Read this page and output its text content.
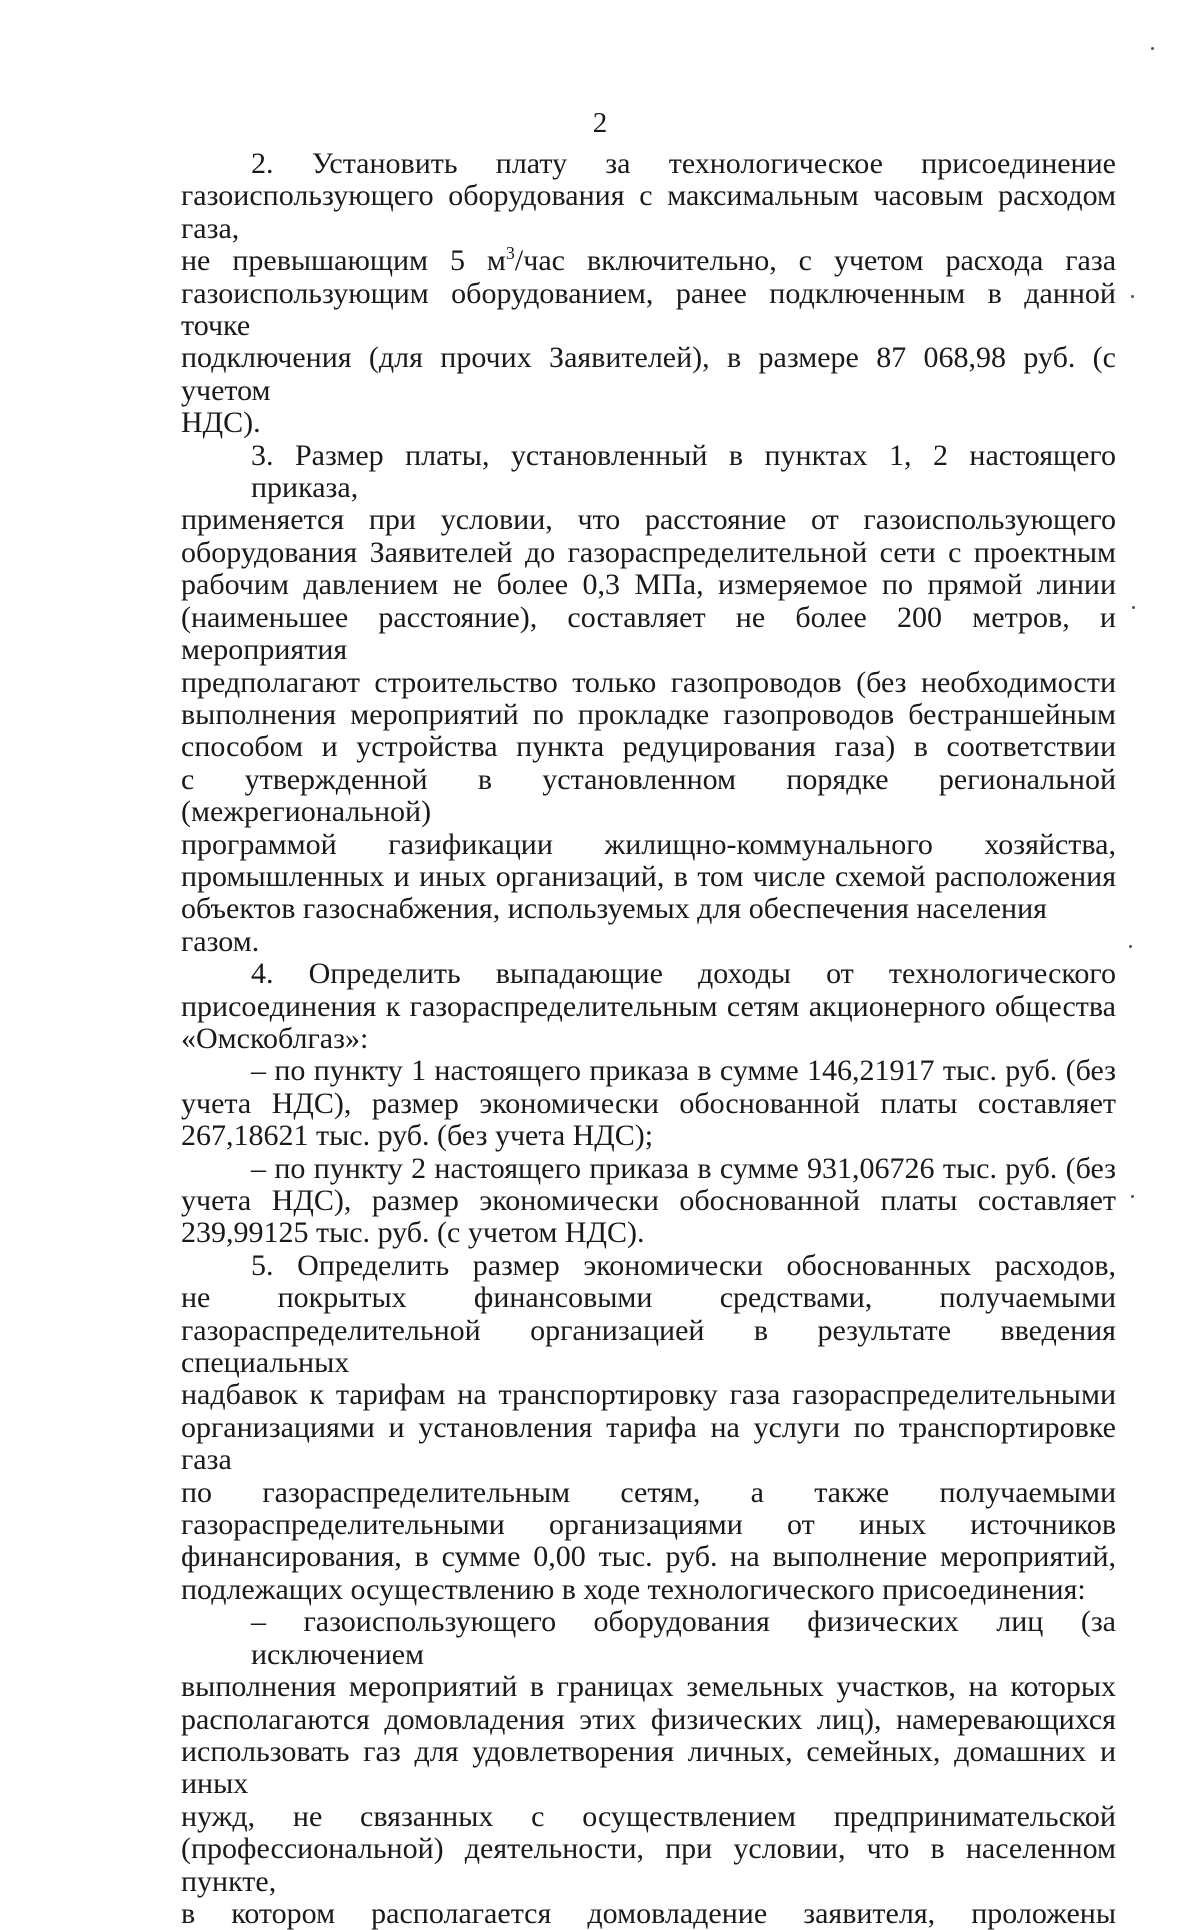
2
2. Установить плату за технологическое присоединение
газоиспользующего оборудования с максимальным часовым расходом газа,
не превышающим 5 $м^3$/час включительно, с учетом расхода газа
газоиспользующим оборудованием, ранее подключенным в данной точке
подключения (для прочих Заявителей), в размере 87 068,98 руб. (с учетом
НДС).
3. Размер платы, установленный в пунктах 1, 2 настоящего приказа,
применяется при условии, что расстояние от газоиспользующего
оборудования Заявителей до газораспределительной сети с проектным
рабочим давлением не более 0,3 МПа, измеряемое по прямой линии
(наименьшее расстояние), составляет не более 200 метров, и мероприятия
предполагают строительство только газопроводов (без необходимости
выполнения мероприятий по прокладке газопроводов бестраншейным
способом и устройства пункта редуцирования газа) в соответствии
с утвержденной в установленном порядке региональной (межрегиональной)
программой газификации жилищно-коммунального хозяйства,
промышленных и иных организаций, в том числе схемой расположения
объектов газоснабжения, используемых для обеспечения населения газом.
4. Определить выпадающие доходы от технологического
присоединения к газораспределительным сетям акционерного общества
«Омскоблгаз»:
– по пункту 1 настоящего приказа в сумме 146,21917 тыс. руб. (без
учета НДС), размер экономически обоснованной платы составляет
267,18621 тыс. руб. (без учета НДС);
– по пункту 2 настоящего приказа в сумме 931,06726 тыс. руб. (без
учета НДС), размер экономически обоснованной платы составляет
239,99125 тыс. руб. (с учетом НДС).
5. Определить размер экономически обоснованных расходов,
не покрытых финансовыми средствами, получаемыми
газораспределительной организацией в результате введения специальных
надбавок к тарифам на транспортировку газа газораспределительными
организациями и установления тарифа на услуги по транспортировке газа
по газораспределительным сетям, а также получаемыми
газораспределительными организациями от иных источников
финансирования, в сумме 0,00 тыс. руб. на выполнение мероприятий,
подлежащих осуществлению в ходе технологического присоединения:
– газоиспользующего оборудования физических лиц (за исключением
выполнения мероприятий в границах земельных участков, на которых
располагаются домовладения этих физических лиц), намеревающихся
использовать газ для удовлетворения личных, семейных, домашних и иных
нужд, не связанных с осуществлением предпринимательской
(профессиональной) деятельности, при условии, что в населенном пункте,
в котором располагается домовладение заявителя, проложены
